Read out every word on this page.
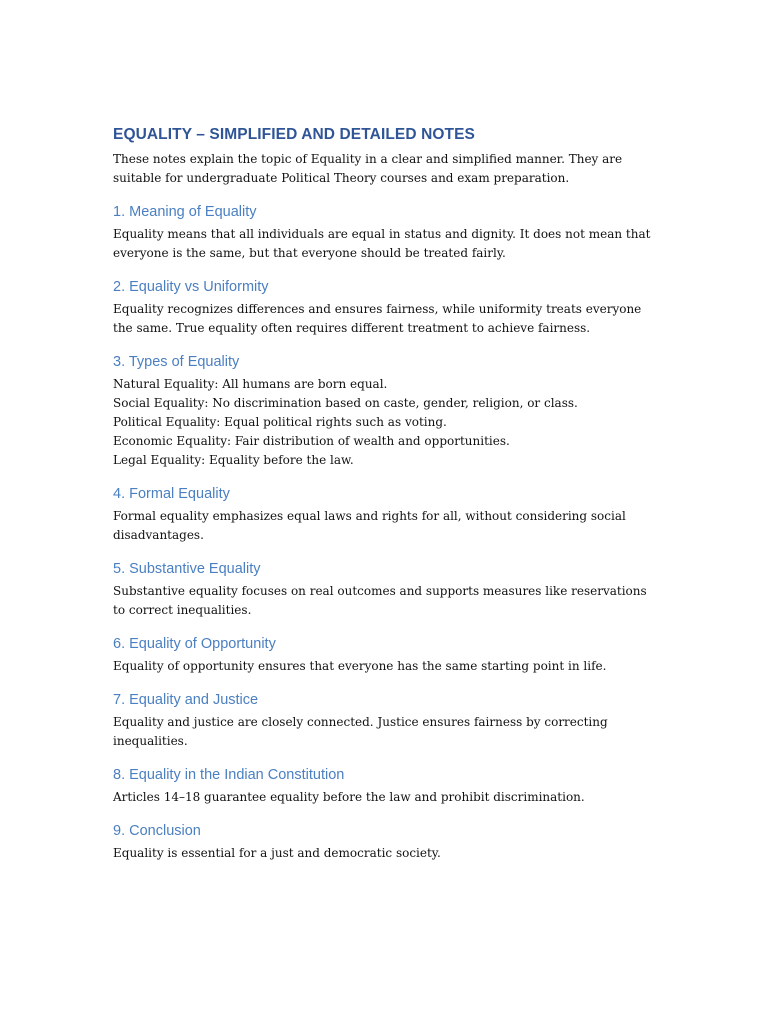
EQUALITY – SIMPLIFIED AND DETAILED NOTES

These notes explain the topic of Equality in a clear and simplified manner. They are suitable for undergraduate Political Theory courses and exam preparation.

1. Meaning of Equality

Equality means that all individuals are equal in status and dignity. It does not mean that everyone is the same, but that everyone should be treated fairly.

2. Equality vs Uniformity

Equality recognizes differences and ensures fairness, while uniformity treats everyone the same. True equality often requires different treatment to achieve fairness.

3. Types of Equality
Natural Equality: All humans are born equal.
Social Equality: No discrimination based on caste, gender, religion, or class.
Political Equality: Equal political rights such as voting.
Economic Equality: Fair distribution of wealth and opportunities.
Legal Equality: Equality before the law.
4. Formal Equality

Formal equality emphasizes equal laws and rights for all, without considering social disadvantages.

5. Substantive Equality

Substantive equality focuses on real outcomes and supports measures like reservations to correct inequalities.

6. Equality of Opportunity

Equality of opportunity ensures that everyone has the same starting point in life.

7. Equality and Justice

Equality and justice are closely connected. Justice ensures fairness by correcting inequalities.

8. Equality in the Indian Constitution

Articles 14–18 guarantee equality before the law and prohibit discrimination.

9. Conclusion

Equality is essential for a just and democratic society.
